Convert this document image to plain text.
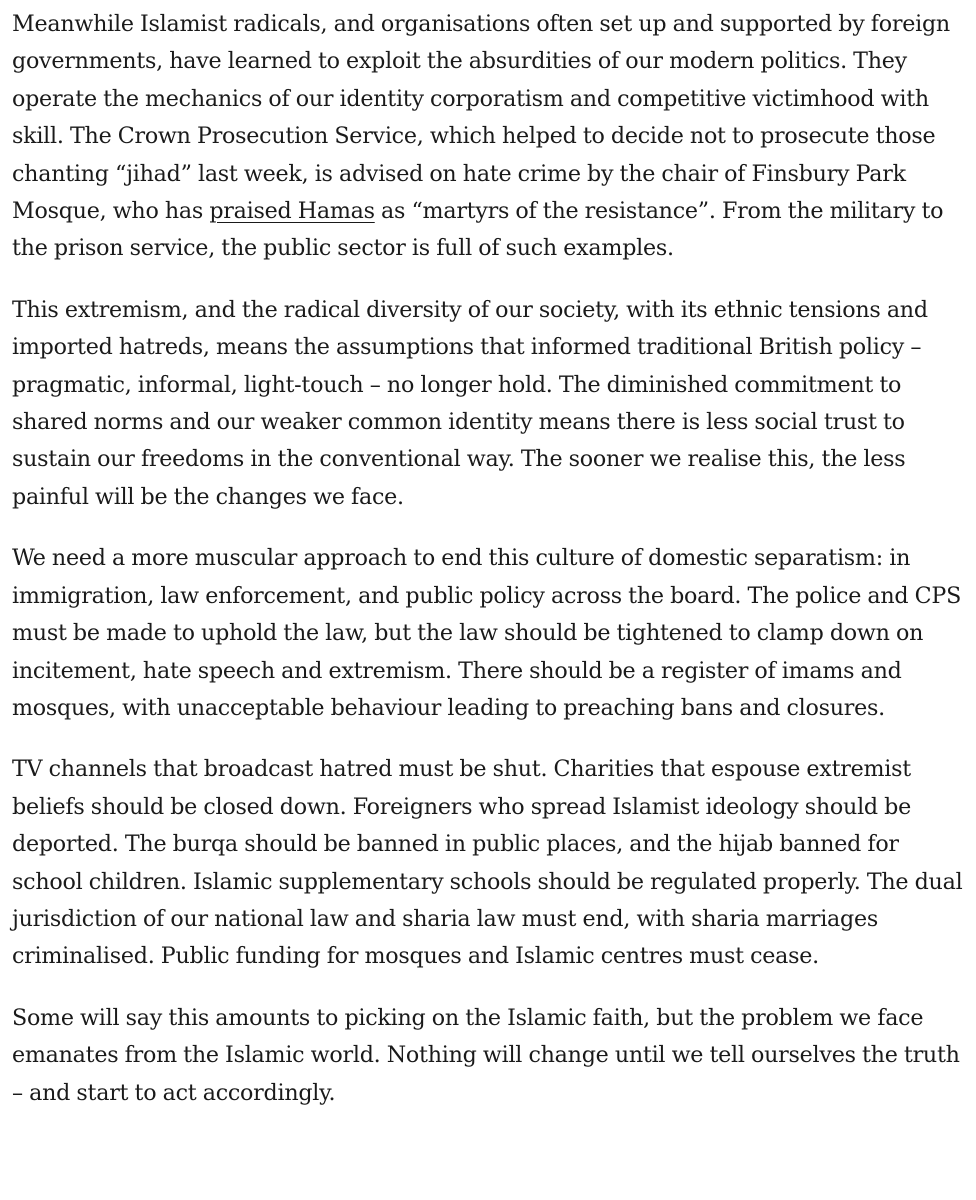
Meanwhile Islamist radicals, and organisations often set up and supported by foreign governments, have learned to exploit the absurdities of our modern politics. They operate the mechanics of our identity corporatism and competitive victimhood with skill. The Crown Prosecution Service, which helped to decide not to prosecute those chanting “jihad” last week, is advised on hate crime by the chair of Finsbury Park Mosque, who has praised Hamas as “martyrs of the resistance”. From the military to the prison service, the public sector is full of such examples.

This extremism, and the radical diversity of our society, with its ethnic tensions and imported hatreds, means the assumptions that informed traditional British policy – pragmatic, informal, light-touch – no longer hold. The diminished commitment to shared norms and our weaker common identity means there is less social trust to sustain our freedoms in the conventional way. The sooner we realise this, the less painful will be the changes we face.

We need a more muscular approach to end this culture of domestic separatism: in immigration, law enforcement, and public policy across the board. The police and CPS must be made to uphold the law, but the law should be tightened to clamp down on incitement, hate speech and extremism. There should be a register of imams and mosques, with unacceptable behaviour leading to preaching bans and closures.

TV channels that broadcast hatred must be shut. Charities that espouse extremist beliefs should be closed down. Foreigners who spread Islamist ideology should be deported. The burqa should be banned in public places, and the hijab banned for school children. Islamic supplementary schools should be regulated properly. The dual jurisdiction of our national law and sharia law must end, with sharia marriages criminalised. Public funding for mosques and Islamic centres must cease.

Some will say this amounts to picking on the Islamic faith, but the problem we face emanates from the Islamic world. Nothing will change until we tell ourselves the truth – and start to act accordingly.
